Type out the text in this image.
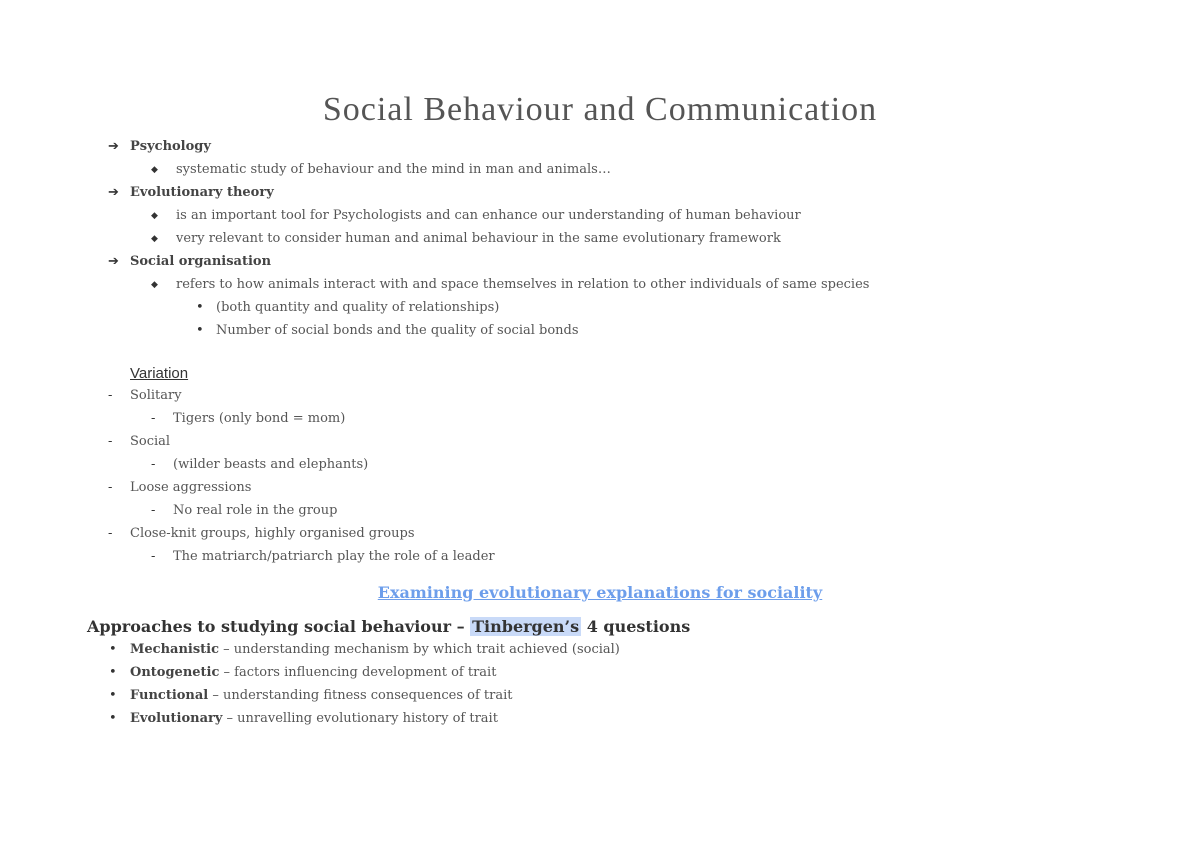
Social Behaviour and Communication
➔ Psychology
◆ systematic study of behaviour and the mind in man and animals…
➔ Evolutionary theory
◆ is an important tool for Psychologists and can enhance our understanding of human behaviour
◆ very relevant to consider human and animal behaviour in the same evolutionary framework
➔ Social organisation
◆ refers to how animals interact with and space themselves in relation to other individuals of same species
• (both quantity and quality of relationships)
• Number of social bonds and the quality of social bonds
Variation
- Solitary
- Tigers (only bond = mom)
- Social
- (wilder beasts and elephants)
- Loose aggressions
- No real role in the group
- Close-knit groups, highly organised groups
- The matriarch/patriarch play the role of a leader
Examining evolutionary explanations for sociality
Approaches to studying social behaviour – Tinbergen’s 4 questions
• Mechanistic – understanding mechanism by which trait achieved (social)
• Ontogenetic – factors influencing development of trait
• Functional – understanding fitness consequences of trait
• Evolutionary – unravelling evolutionary history of trait
